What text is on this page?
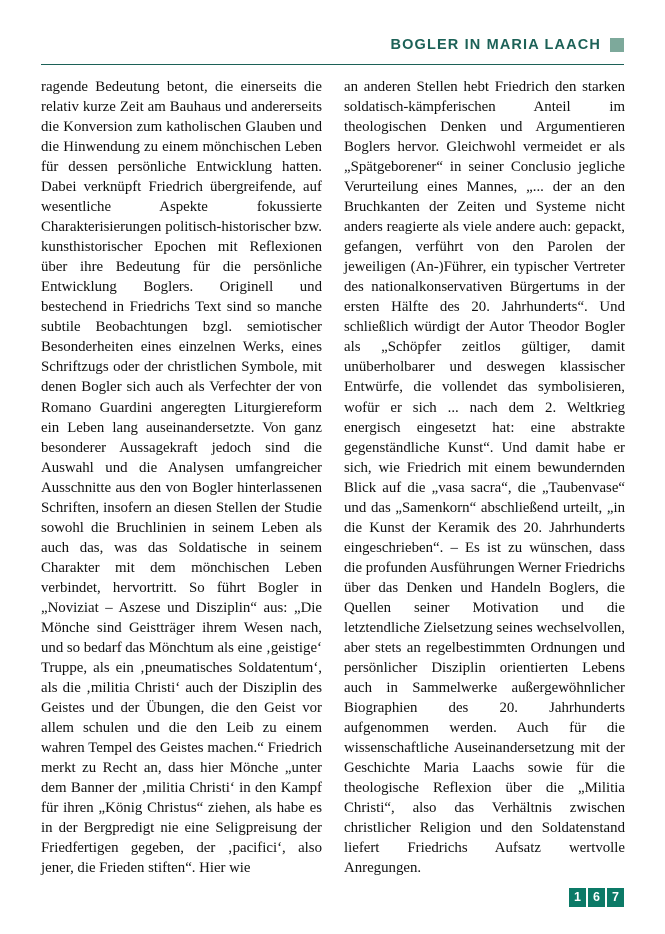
BOGLER IN MARIA LAACH

ragende Bedeutung betont, die einerseits die relativ kurze Zeit am Bauhaus und andererseits die Konversion zum katholischen Glauben und die Hinwendung zu einem mönchischen Leben für dessen persönliche Entwicklung hatten. Dabei verknüpft Friedrich übergreifende, auf wesentliche Aspekte fokussierte Charakterisierungen politisch-historischer bzw. kunsthistorischer Epochen mit Reflexionen über ihre Bedeutung für die persönliche Entwicklung Boglers. Originell und bestechend in Friedrichs Text sind so manche subtile Beobachtungen bzgl. semiotischer Besonderheiten eines einzelnen Werks, eines Schriftzugs oder der christlichen Symbole, mit denen Bogler sich auch als Verfechter der von Romano Guardini angeregten Liturgiereform ein Leben lang auseinandersetzte. Von ganz besonderer Aussagekraft jedoch sind die Auswahl und die Analysen umfangreicher Ausschnitte aus den von Bogler hinterlassenen Schriften, insofern an diesen Stellen der Studie sowohl die Bruchlinien in seinem Leben als auch das, was das Soldatische in seinem Charakter mit dem mönchischen Leben verbindet, hervortritt. So führt Bogler in „Noviziat – Aszese und Disziplin“ aus: „Die Mönche sind Geistträger ihrem Wesen nach, und so bedarf das Mönchtum als eine ‚geistige‘ Truppe, als ein ‚pneumatisches Soldatentum‘, als die ‚militia Christi‘ auch der Disziplin des Geistes und der Übungen, die den Geist vor allem schulen und die den Leib zu einem wahren Tempel des Geistes machen.“ Friedrich merkt zu Recht an, dass hier Mönche „unter dem Banner der ‚militia Christi‘ in den Kampf für ihren „König Christus“ ziehen, als habe es in der Bergpredigt nie eine Seligpreisung der Friedfertigen gegeben, der ‚pacifici‘, also jener, die Frieden stiften“. Hier wie

an anderen Stellen hebt Friedrich den starken soldatisch-kämpferischen Anteil im theologischen Denken und Argumentieren Boglers hervor. Gleichwohl vermeidet er als „Spätgeborener“ in seiner Conclusio jegliche Verurteilung eines Mannes, „... der an den Bruchkanten der Zeiten und Systeme nicht anders reagierte als viele andere auch: gepackt, gefangen, verführt von den Parolen der jeweiligen (An-)Führer, ein typischer Vertreter des nationalkonservativen Bürgertums in der ersten Hälfte des 20. Jahrhunderts“. Und schließlich würdigt der Autor Theodor Bogler als „Schöpfer zeitlos gültiger, damit unüberholbarer und deswegen klassischer Entwürfe, die vollendet das symbolisieren, wofür er sich ... nach dem 2. Weltkrieg energisch eingesetzt hat: eine abstrakte gegenständliche Kunst“. Und damit habe er sich, wie Friedrich mit einem bewundernden Blick auf die „vasa sacra“, die „Taubenvase“ und das „Samenkorn“ abschließend urteilt, „in die Kunst der Keramik des 20. Jahrhunderts eingeschrieben“. – Es ist zu wünschen, dass die profunden Ausführungen Werner Friedrichs über das Denken und Handeln Boglers, die Quellen seiner Motivation und die letztendliche Zielsetzung seines wechselvollen, aber stets an regelbestimmten Ordnungen und persönlicher Disziplin orientierten Lebens auch in Sammelwerke außergewöhnlicher Biographien des 20. Jahrhunderts aufgenommen werden. Auch für die wissenschaftliche Auseinandersetzung mit der Geschichte Maria Laachs sowie für die theologische Reflexion über die „Militia Christi“, also das Verhältnis zwischen christlicher Religion und den Soldatenstand liefert Friedrichs Aufsatz wertvolle Anregungen.

1 6 7
